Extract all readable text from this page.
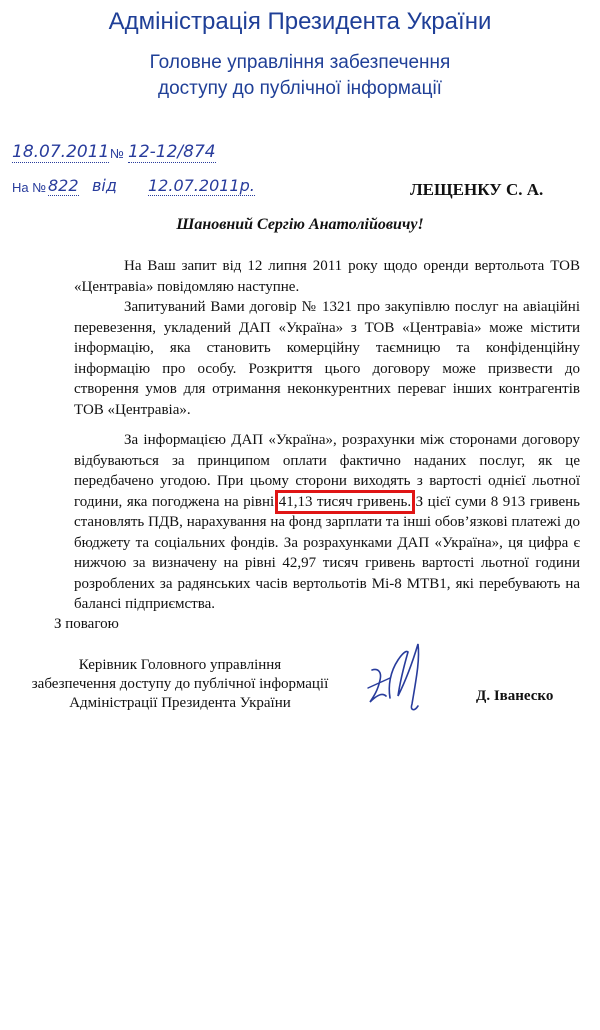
Адміністрація Президента України
Головне управління забезпечення
доступу до публічної інформації
18.07.2011 № 12-12/874
На № 822 від 12.07.2011р.	ЛЕЩЕНКУ С. А.
Шановний Сергію Анатолійовичу!

На Ваш запит від 12 липня 2011 року щодо оренди вертольота ТОВ «Центравіа» повідомляю наступне.

Запитуваний Вами договір № 1321 про закупівлю послуг на авіаційні перевезення, укладений ДАП «Україна» з ТОВ «Центравіа» може містити інформацію, яка становить комерційну таємницю та конфіденційну інформацію про особу. Розкриття цього договору може призвести до створення умов для отримання неконкурентних переваг інших контрагентів ТОВ «Центравіа».

За інформацією ДАП «Україна», розрахунки між сторонами договору відбуваються за принципом оплати фактично наданих послуг, як це передбачено угодою. При цьому сторони виходять з вартості однієї льотної години, яка погоджена на рівні 41,13 тисяч гривень. З цієї суми 8 913 гривень становлять ПДВ, нарахування на фонд зарплати та інші обов’язкові платежі до бюджету та соціальних фондів. За розрахунками ДАП «Україна», ця цифра є нижчою за визначену на рівні 42,97 тисяч гривень вартості льотної години розроблених за радянських часів вертольотів Мі-8 МТВ1, які перебувають на балансі підприємства.

З повагою
Керівник Головного управління
забезпечення доступу до публічної інформації
Адміністрації Президента України	Д. Іванеско
